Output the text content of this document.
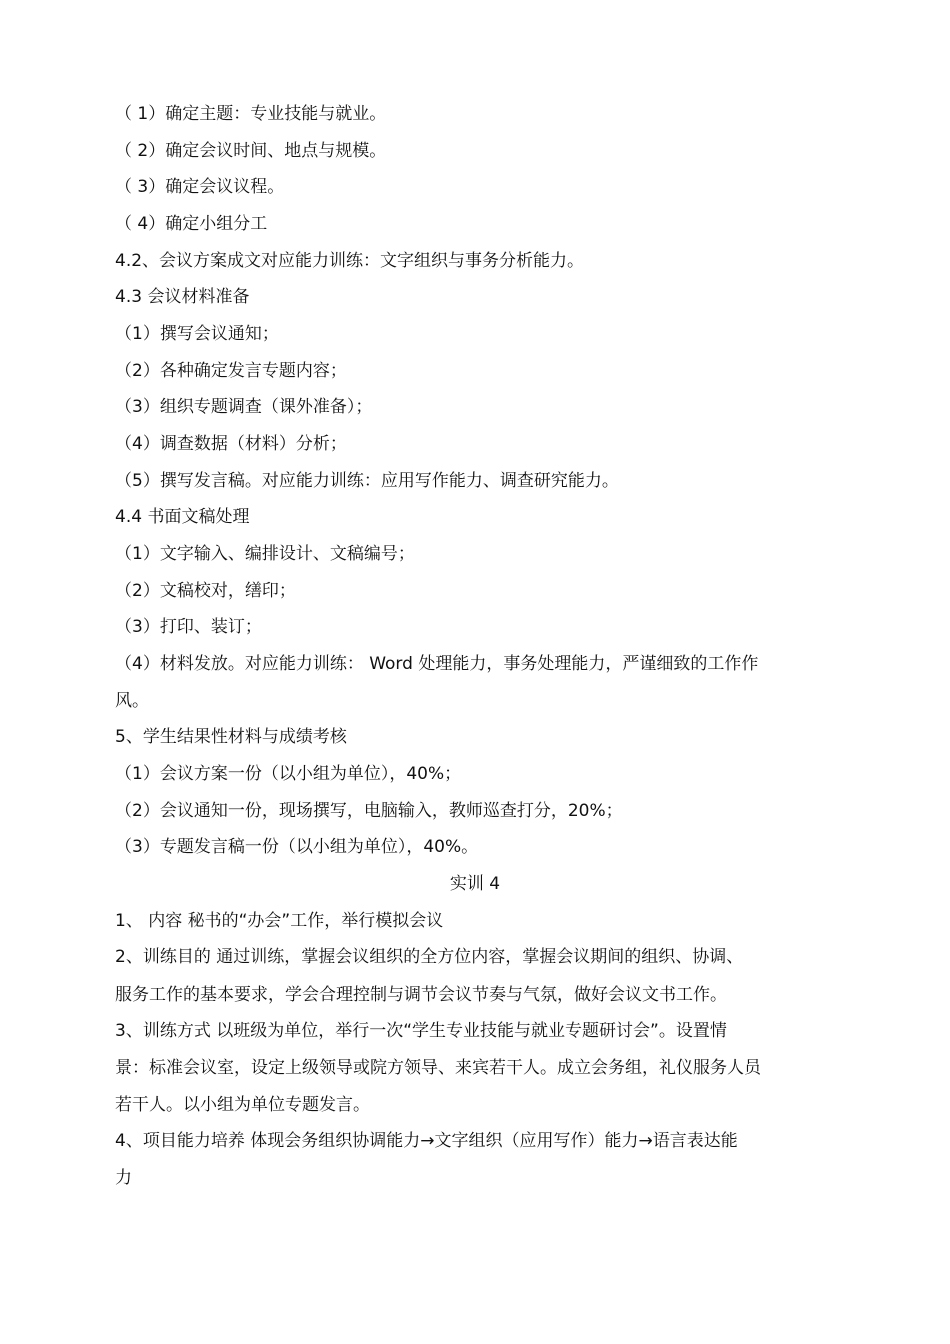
（ 1）确定主题：专业技能与就业。
（ 2）确定会议时间、地点与规模。
（ 3）确定会议议程。
（ 4）确定小组分工
4.2、会议方案成文对应能力训练：文字组织与事务分析能力。
4.3 会议材料准备
（1）撰写会议通知；
（2）各种确定发言专题内容；
（3）组织专题调查（课外准备）；
（4）调查数据（材料）分析；
（5）撰写发言稿。对应能力训练：应用写作能力、调查研究能力。
4.4 书面文稿处理
（1）文字输入、编排设计、文稿编号；
（2）文稿校对，缮印；
（3）打印、装订；
（4）材料发放。对应能力训练： Word 处理能力，事务处理能力，严谨细致的工作作
风。
5、学生结果性材料与成绩考核
（1）会议方案一份（以小组为单位），40%；
（2）会议通知一份，现场撰写，电脑输入，教师巡查打分，20%；
（3）专题发言稿一份（以小组为单位），40%。
实训 4
1、 内容 秘书的“办会”工作，举行模拟会议
2、训练目的 通过训练，掌握会议组织的全方位内容，掌握会议期间的组织、协调、
服务工作的基本要求，学会合理控制与调节会议节奏与气氛，做好会议文书工作。
3、训练方式 以班级为单位，举行一次“学生专业技能与就业专题研讨会”。设置情
景：标准会议室，设定上级领导或院方领导、来宾若干人。成立会务组，礼仪服务人员
若干人。以小组为单位专题发言。
4、项目能力培养 体现会务组织协调能力→文字组织（应用写作）能力→语言表达能
力
